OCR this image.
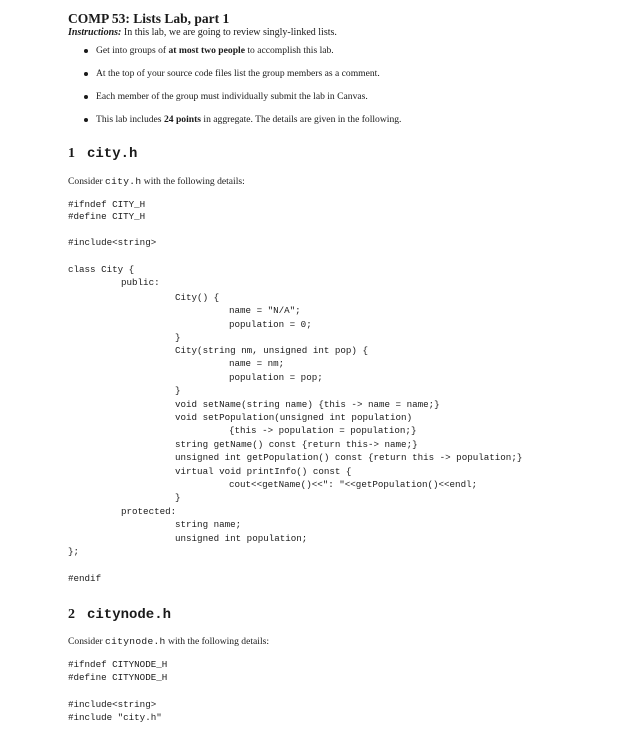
COMP 53: Lists Lab, part 1
Instructions: In this lab, we are going to review singly-linked lists.
Get into groups of at most two people to accomplish this lab.
At the top of your source code files list the group members as a comment.
Each member of the group must individually submit the lab in Canvas.
This lab includes 24 points in aggregate. The details are given in the following.
1 city.h
Consider city.h with the following details:
#ifndef CITY_H
#define CITY_H
#include<string>
class City {
public:
City() {
name = "N/A";
population = 0;
}
City(string nm, unsigned int pop) {
name = nm;
population = pop;
}
void setName(string name) {this -> name = name;}
void setPopulation(unsigned int population)
{this -> population = population;}
string getName() const {return this-> name;}
unsigned int getPopulation() const {return this -> population;}
virtual void printInfo() const {
cout<<getName()<<": "<<getPopulation()<<endl;
}
protected:
string name;
unsigned int population;
};
#endif
2 citynode.h
Consider citynode.h with the following details:
#ifndef CITYNODE_H
#define CITYNODE_H
#include<string>
#include "city.h"
